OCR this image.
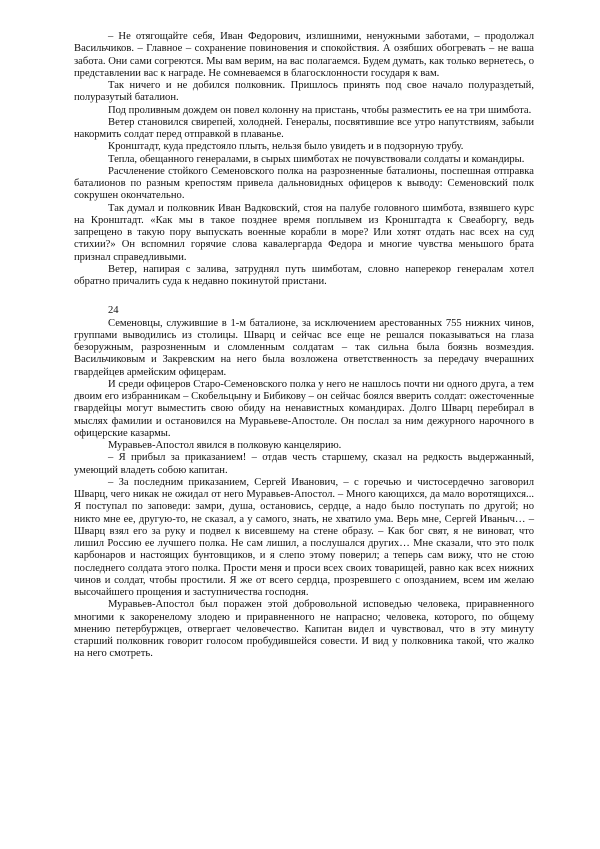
– Не отягощайте себя, Иван Федорович, излишними, ненужными заботами, – продолжал Васильчиков. – Главное – сохранение повиновения и спокойствия. А озябших обогревать – не ваша забота. Они сами согреются. Мы вам верим, на вас полагаемся. Будем думать, как только вернетесь, о представлении вас к награде. Не сомневаемся в благосклонности государя к вам.

Так ничего и не добился полковник. Пришлось принять под свое начало полураздетый, полуразутый баталион.

Под проливным дождем он повел колонну на пристань, чтобы разместить ее на три шимбота.

Ветер становился свирепей, холодней. Генералы, посвятившие все утро напутствиям, забыли накормить солдат перед отправкой в плаванье.

Кронштадт, куда предстояло плыть, нельзя было увидеть и в подзорную трубу.

Тепла, обещанного генералами, в сырых шимботах не почувствовали солдаты и командиры.

Расчленение стойкого Семеновского полка на разрозненные баталионы, поспешная отправка баталионов по разным крепостям привела дальновидных офицеров к выводу: Семеновский полк сокрушен окончательно.

Так думал и полковник Иван Вадковский, стоя на палубе головного шимбота, взявшего курс на Кронштадт. «Как мы в такое позднее время поплывем из Кронштадта к Свеаборгу, ведь запрещено в такую пору выпускать военные корабли в море? Или хотят отдать нас всех на суд стихии?» Он вспомнил горячие слова кавалергарда Федора и многие чувства меньшого брата признал справедливыми.

Ветер, напирая с залива, затруднял путь шимботам, словно наперекор генералам хотел обратно причалить суда к недавно покинутой пристани.

24

Семеновцы, служившие в 1-м баталионе, за исключением арестованных 755 нижних чинов, группами выводились из столицы. Шварц и сейчас все еще не решался показываться на глаза безоружным, разрозненным и сломленным солдатам – так сильна была боязнь возмездия. Васильчиковым и Закревским на него была возложена ответственность за передачу вчерашних гвардейцев армейским офицерам.

И среди офицеров Старо-Семеновского полка у него не нашлось почти ни одного друга, а тем двоим его избранникам – Скобельцыну и Бибикову – он сейчас боялся вверить солдат: ожесточенные гвардейцы могут выместить свою обиду на ненавистных командирах. Долго Шварц перебирал в мыслях фамилии и остановился на Муравьеве-Апостоле. Он послал за ним дежурного нарочного в офицерские казармы.

Муравьев-Апостол явился в полковую канцелярию.

– Я прибыл за приказанием! – отдав честь старшему, сказал на редкость выдержанный, умеющий владеть собою капитан.

– За последним приказанием, Сергей Иванович, – с горечью и чистосердечно заговорил Шварц, чего никак не ожидал от него Муравьев-Апостол. – Много кающихся, да мало воротящихся... Я поступал по заповеди: замри, душа, остановись, сердце, а надо было поступать по другой; но никто мне ее, другую-то, не сказал, а у самого, знать, не хватило ума. Верь мне, Сергей Иваныч… – Шварц взял его за руку и подвел к висевшему на стене образу. – Как бог свят, я не виноват, что лишил Россию ее лучшего полка. Не сам лишил, а послушался других… Мне сказали, что это полк карбонаров и настоящих бунтовщиков, и я слепо этому поверил; а теперь сам вижу, что не стою последнего солдата этого полка. Прости меня и проси всех своих товарищей, равно как всех нижних чинов и солдат, чтобы простили. Я же от всего сердца, прозревшего с опозданием, всем им желаю высочайшего прощения и заступничества господня.

Муравьев-Апостол был поражен этой добровольной исповедью человека, приравненного многими к закоренелому злодею и приравненного не напрасно; человека, которого, по общему мнению петербуржцев, отвергает человечество. Капитан видел и чувствовал, что в эту минуту старший полковник говорит голосом пробудившейся совести. И вид у полковника такой, что жалко на него смотреть.
